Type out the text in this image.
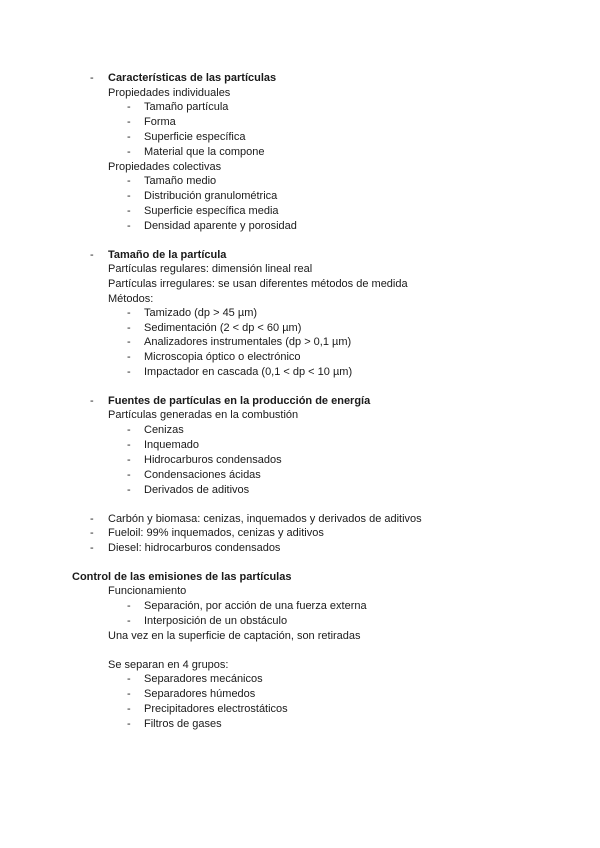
- Características de las partículas
Propiedades individuales
- Tamaño partícula
- Forma
- Superficie específica
- Material que la compone
Propiedades colectivas
- Tamaño medio
- Distribución granulométrica
- Superficie específica media
- Densidad aparente y porosidad
- Tamaño de la partícula
Partículas regulares: dimensión lineal real
Partículas irregulares: se usan diferentes métodos de medida
Métodos:
- Tamizado (dp > 45 µm)
- Sedimentación (2 < dp < 60 µm)
- Analizadores instrumentales (dp > 0,1 µm)
- Microscopia óptico o electrónico
- Impactador en cascada (0,1 < dp < 10 µm)
- Fuentes de partículas en la producción de energía
Partículas generadas en la combustión
- Cenizas
- Inquemado
- Hidrocarburos condensados
- Condensaciones ácidas
- Derivados de aditivos
- Carbón y biomasa: cenizas, inquemados y derivados de aditivos
- Fueloil: 99% inquemados, cenizas y aditivos
- Diesel: hidrocarburos condensados
Control de las emisiones de las partículas
Funcionamiento
- Separación, por acción de una fuerza externa
- Interposición de un obstáculo
Una vez en la superficie de captación, son retiradas
Se separan en 4 grupos:
- Separadores mecánicos
- Separadores húmedos
- Precipitadores electrostáticos
- Filtros de gases
